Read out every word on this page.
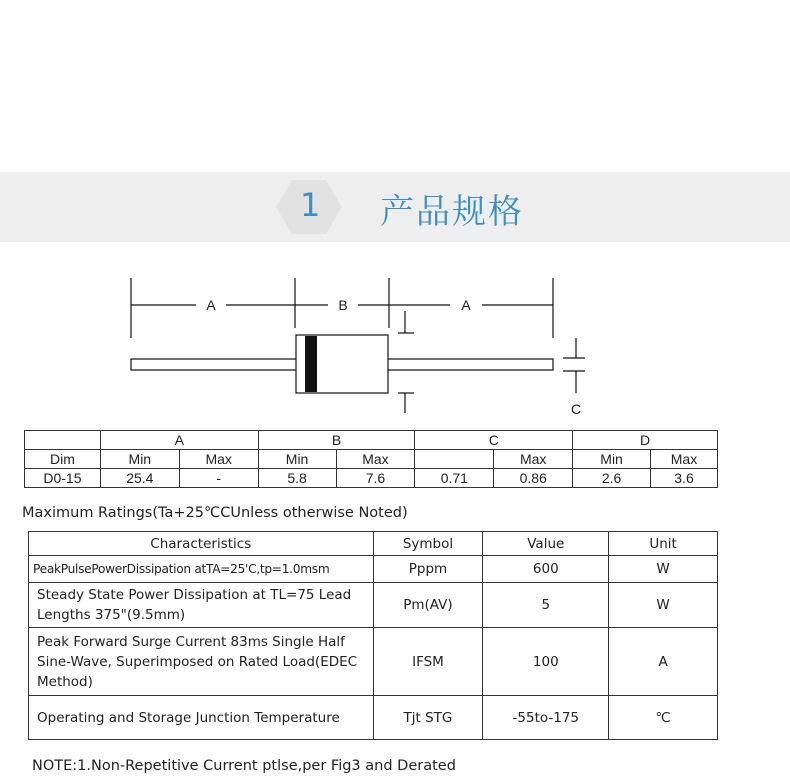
1 产品规格
A	B	A
C
	A		B		C		D	
Dim	Min	Max	Min	Max		Max	Min	Max
D0-15	25.4	-	5.8	7.6	0.71	0.86	2.6	3.6
Maximum Ratings(Ta+25℃CUnless otherwise Noted)
Characteristics	Symbol	Value	Unit
PeakPulsePowerDissipation atTA=25'C,tp=1.0msm	Pppm	600	W
Steady State Power Dissipation at TL=75 Lead Lengths 375"(9.5mm)	Pm(AV)	5	W
Peak Forward Surge Current 83ms Single Half Sine-Wave, Superimposed on Rated Load(EDEC Method)	IFSM	100	A
Operating and Storage Junction Temperature	Tjt STG	-55to-175	℃
NOTE:1.Non-Repetitive Current ptlse,per Fig3 and Derated
